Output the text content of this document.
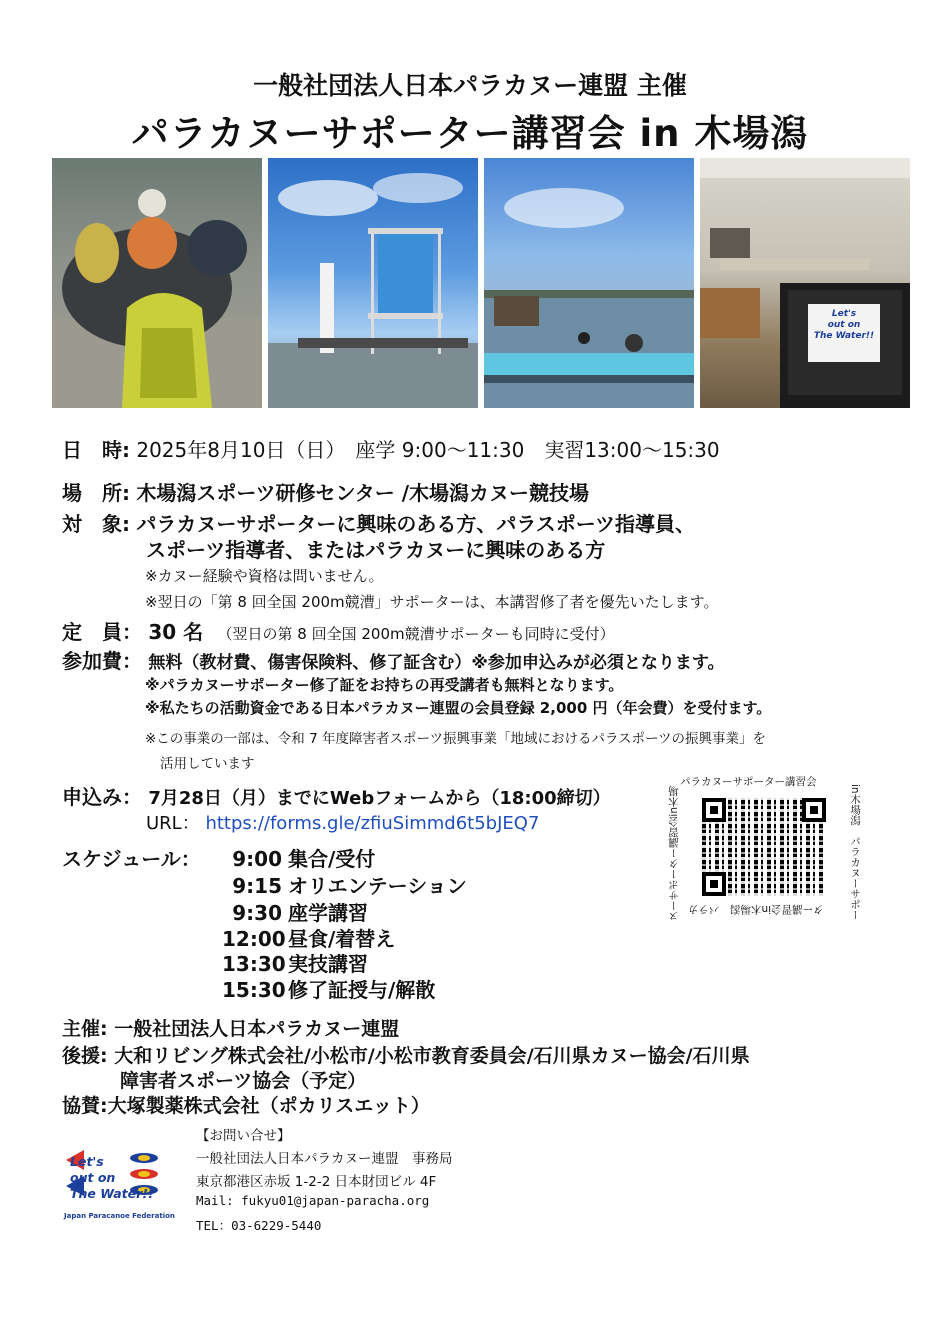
一般社団法人日本パラカヌー連盟 主催
パラカヌーサポーター講習会 in 木場潟
Let's
out on
The Water!!
日　時: 2025年8月10日（日）　座学 9:00～11:30　実習13:00～15:30
場　所: 木場潟スポーツ研修センター /木場潟カヌー競技場
対　象: パラカヌーサポーターに興味のある方、パラスポーツ指導員、
スポーツ指導者、またはパラカヌーに興味のある方
※カヌー経験や資格は問いません。
※翌日の「第 8 回全国 200m競漕」サポーターは、本講習修了者を優先いたします。
定　員： 30 名 （翌日の第 8 回全国 200m競漕サポーターも同時に受付）
参加費： 無料（教材費、傷害保険料、修了証含む）※参加申込みが必須となります。
※パラカヌーサポーター修了証をお持ちの再受講者も無料となります。
※私たちの活動資金である日本パラカヌー連盟の会員登録 2,000 円（年会費）を受付ます。
※この事業の一部は、令和 7 年度障害者スポーツ振興事業「地域におけるパラスポーツの振興事業」を
活用しています
申込み： 7月28日（月）までにWebフォームから（18:00締切）
URL： https://forms.gle/zfiuSimmd6t5bJEQ7
パラカヌーサポーター講習会
ヌーサポーター講習会in木場	in木場潟　パラカヌーサポー
ター講習会in木場潟　パラカ
スケジュール：	9:00 集合/受付
9:15 オリエンテーション
9:30 座学講習
12:00 昼食/着替え
13:30 実技講習
15:30 修了証授与/解散
主催: 一般社団法人日本パラカヌー連盟
後援: 大和リビング株式会社/小松市/小松市教育委員会/石川県カヌー協会/石川県
障害者スポーツ協会（予定）
協賛:大塚製薬株式会社（ポカリスエット）
Let's
out on
The Water!!
Japan Paracanoe Federation
【お問い合せ】
一般社団法人日本パラカヌー連盟　事務局
東京都港区赤坂 1-2-2 日本財団ビル 4F
Mail: fukyu01@japan-paracha.org
TEL：03-6229-5440
